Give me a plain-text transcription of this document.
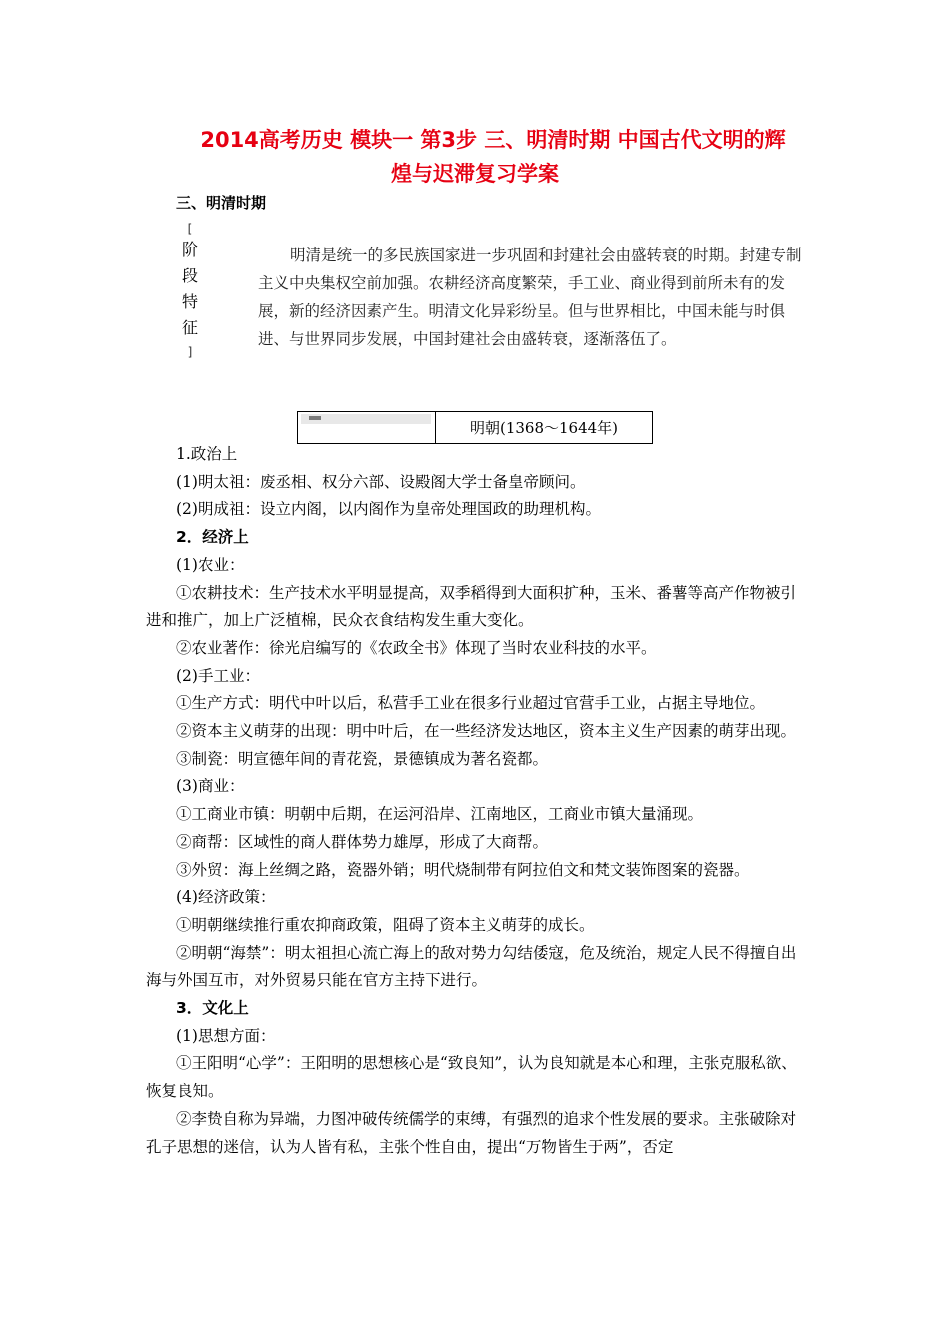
2014高考历史 模块一 第3步 三、明清时期 中国古代文明的辉
煌与迟滞复习学案
三、明清时期
[
阶
段
特
征
]
明清是统一的多民族国家进一步巩固和封建社会由盛转衰的时期。封建专制主义中央集权空前加强。农耕经济高度繁荣，手工业、商业得到前所未有的发展，新的经济因素产生。明清文化异彩纷呈。但与世界相比，中国未能与时俱进、与世界同步发展，中国封建社会由盛转衰，逐渐落伍了。
	明朝(1368～1644年)

1.政治上

(1)明太祖：废丞相、权分六部、设殿阁大学士备皇帝顾问。

(2)明成祖：设立内阁，以内阁作为皇帝处理国政的助理机构。

2．经济上

(1)农业：

①农耕技术：生产技术水平明显提高，双季稻得到大面积扩种，玉米、番薯等高产作物被引进和推广，加上广泛植棉，民众衣食结构发生重大变化。

②农业著作：徐光启编写的《农政全书》体现了当时农业科技的水平。

(2)手工业：

①生产方式：明代中叶以后，私营手工业在很多行业超过官营手工业，占据主导地位。

②资本主义萌芽的出现：明中叶后，在一些经济发达地区，资本主义生产因素的萌芽出现。

③制瓷：明宣德年间的青花瓷，景德镇成为著名瓷都。

(3)商业：

①工商业市镇：明朝中后期，在运河沿岸、江南地区，工商业市镇大量涌现。

②商帮：区域性的商人群体势力雄厚，形成了大商帮。

③外贸：海上丝绸之路，瓷器外销；明代烧制带有阿拉伯文和梵文装饰图案的瓷器。

(4)经济政策：

①明朝继续推行重农抑商政策，阻碍了资本主义萌芽的成长。

②明朝“海禁”：明太祖担心流亡海上的敌对势力勾结倭寇，危及统治，规定人民不得擅自出海与外国互市，对外贸易只能在官方主持下进行。

3．文化上

(1)思想方面：

①王阳明“心学”：王阳明的思想核心是“致良知”，认为良知就是本心和理，主张克服私欲、恢复良知。

②李贽自称为异端，力图冲破传统儒学的束缚，有强烈的追求个性发展的要求。主张破除对孔子思想的迷信，认为人皆有私，主张个性自由，提出“万物皆生于两”，否定
